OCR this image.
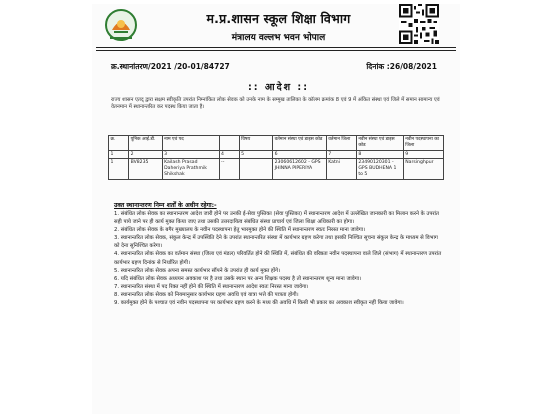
म.प्र.शासन स्कूल शिक्षा विभाग
मंत्रालय वल्लभ भवन भोपाल
क्र.स्थानांतरण/2021 /20-01/84727	दिनांक :26/08/2021
:: आदेश ::
राज्य शासन एतद् द्वारा सक्षम स्वीकृति उपरांत निम्नांकित लोक सेवक को उनके नाम के सम्मुख तालिका के कॉलम क्रमांक 8 एवं 9 में अंकित संस्था एवं जिले में समान सामान्य एवं वेतनमान में स्थानान्तरित कर पदस्थ किया जाता है।
क्र.	यूनिक आई.डी.	नाम एवं पद		विषय	वर्तमान संस्था एवं डाइस कोड	वर्तमान जिला	नवीन संस्था एवं डाइस कोड	नवीन पदस्थापना का जिला
1	2	3	4	5	6	7	8	9
1	BV8235	Kailash Prasad Daheriya Prathmik Shikshak	--		23060612602 - GPS JHINNA PIPERIYA	Katni	23490120301 - GPS BUDHENA 1 to 5	Narsinghpur
उक्त स्थानान्तरण निम्न शर्तों के अधीन रहेगा:-

1. संबंधित लोक सेवक का स्थानान्तरण आदेश जारी होने पर उनकी ई-सेवा पुस्तिका (सेवा पुस्तिका) में स्थानान्तरण आदेश में उल्लेखित जानकारी का मिलान करने के उपरांत सही पाये जाने पर ही कार्य मुक्त किया जाए तथा उसकी उत्तरदायित्व संबंधित संस्था प्राचार्य एवं जिला शिक्षा अधिकारी का होगा।

2. संबंधित लोक सेवक के बगैर मुख्यालय के नवीन पदस्थापना हेतु भारमुक्त होने की स्थिति में स्थानान्तरण स्वतः निरस्त माना जावेगा।

3. स्थानान्तरित लोक सेवक, संकुल केन्द्र में उपस्थिति देने के उपरांत स्थानान्तरित संस्था में कार्यभार ग्रहण करेगा तथा इसकी निश्चित सूचना संकुल केन्द्र के माध्यम से विभाग को देना सुनिश्चित करेगा।

4. स्थानान्तरित लोक सेवक का वर्तमान संस्था (जिला एवं मंडल) परिवर्तित होने की स्थिति में, संबंधित की वरिष्ठता नवीन पदस्थापना वाले जिले (संभाग) में स्थानान्तरण उपरांत कार्यभार ग्रहण दिनांक से निर्धारित होगी।

5. स्थानान्तरित लोक सेवक अपना समस्त कार्यभार सौंपने के उपरांत ही कार्य मुक्त होंगे।

6. यदि संबंधित लोक सेवक अध्ययन अवकाश पर है तथा उसके स्थान पर अन्य शिक्षक पदस्थ है तो स्थानान्तरण शून्य माना जावेगा।

7. स्थानान्तरित संस्था में पद रिक्त नहीं होने की स्थिति में स्थानान्तरण आदेश स्वतः निरस्त माना जावेगा।

8. स्थानान्तरित लोक सेवक को नियमानुसार कार्यभार ग्रहण अवधि एवं यात्रा भत्ते की पात्रता होगी।

9. कार्यमुक्त होने के पश्चात एवं नवीन पदस्थापना पर कार्यभार ग्रहण करने के मध्य की अवधि में किसी भी प्रकार का अवकाश स्वीकृत नहीं किया जावेगा।
